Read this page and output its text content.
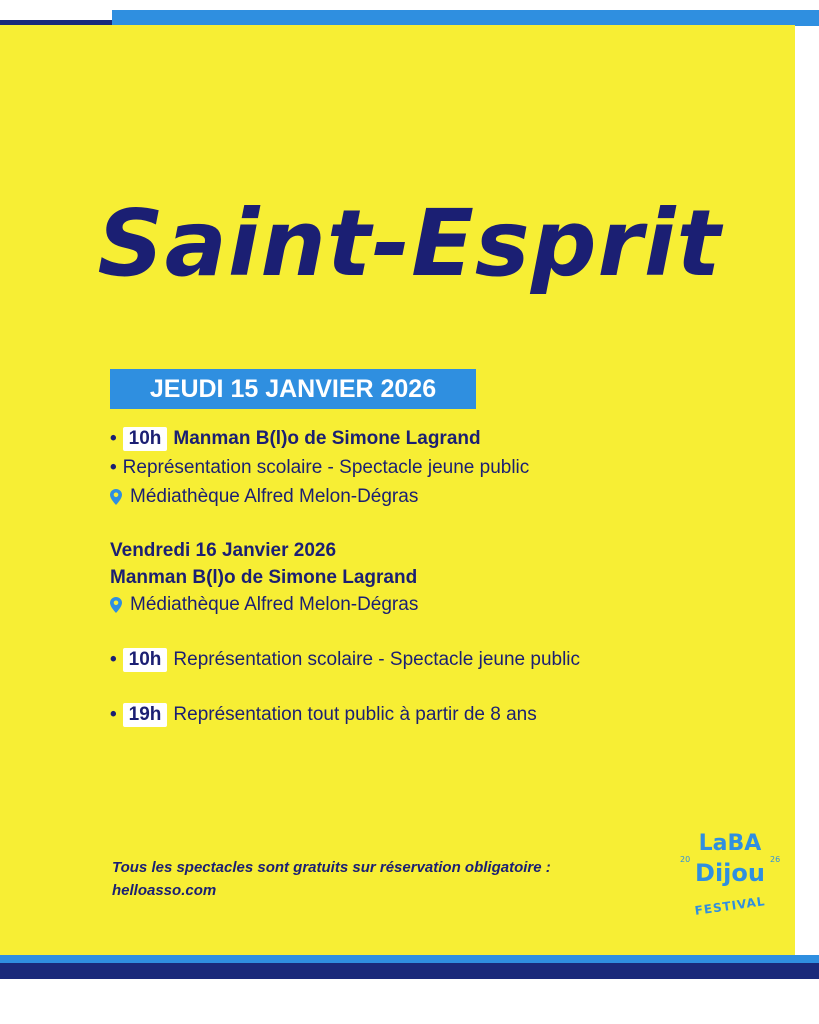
Saint-Esprit
JEUDI 15 JANVIER 2026
• 10h Manman B(l)o de Simone Lagrand
• Représentation scolaire - Spectacle jeune public
Médiathèque Alfred Melon-Dégras
Vendredi 16 Janvier 2026
Manman B(l)o de Simone Lagrand
Médiathèque Alfred Melon-Dégras
• 10h Représentation scolaire - Spectacle jeune public
• 19h Représentation tout public à partir de 8 ans
Tous les spectacles sont gratuits sur réservation obligatoire :
helloasso.com
LaBA
20	26
Dijou
FESTIVAL
